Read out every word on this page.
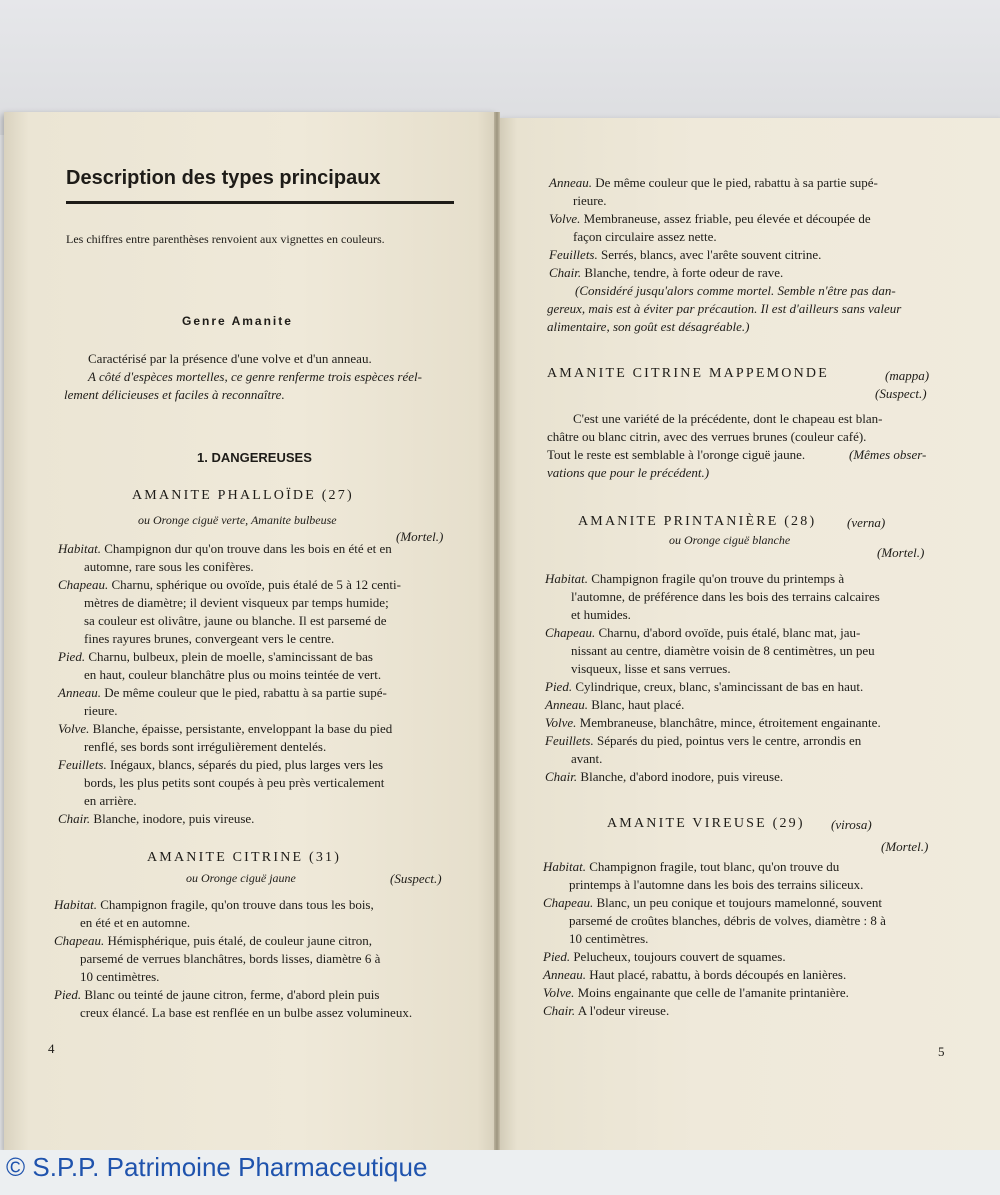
Description des types principaux
Les chiffres entre parenthèses renvoient aux vignettes en couleurs.
Genre Amanite
Caractérisé par la présence d'une volve et d'un anneau.
A côté d'espèces mortelles, ce genre renferme trois espèces réel-
lement délicieuses et faciles à reconnaître.
1. DANGEREUSES
AMANITE PHALLOÏDE (27)
ou Oronge ciguë verte, Amanite bulbeuse
(Mortel.)
Habitat. Champignon dur qu'on trouve dans les bois en été et en
automne, rare sous les conifères.
Chapeau. Charnu, sphérique ou ovoïde, puis étalé de 5 à 12 centi-
mètres de diamètre; il devient visqueux par temps humide;
sa couleur est olivâtre, jaune ou blanche. Il est parsemé de
fines rayures brunes, convergeant vers le centre.
Pied. Charnu, bulbeux, plein de moelle, s'amincissant de bas
en haut, couleur blanchâtre plus ou moins teintée de vert.
Anneau. De même couleur que le pied, rabattu à sa partie supé-
rieure.
Volve. Blanche, épaisse, persistante, enveloppant la base du pied
renflé, ses bords sont irrégulièrement dentelés.
Feuillets. Inégaux, blancs, séparés du pied, plus larges vers les
bords, les plus petits sont coupés à peu près verticalement
en arrière.
Chair. Blanche, inodore, puis vireuse.
AMANITE CITRINE (31)
ou Oronge ciguë jaune	(Suspect.)
Habitat. Champignon fragile, qu'on trouve dans tous les bois,
en été et en automne.
Chapeau. Hémisphérique, puis étalé, de couleur jaune citron,
parsemé de verrues blanchâtres, bords lisses, diamètre 6 à
10 centimètres.
Pied. Blanc ou teinté de jaune citron, ferme, d'abord plein puis
creux élancé. La base est renflée en un bulbe assez volumineux.
4
Anneau. De même couleur que le pied, rabattu à sa partie supé-
rieure.
Volve. Membraneuse, assez friable, peu élevée et découpée de
façon circulaire assez nette.
Feuillets. Serrés, blancs, avec l'arête souvent citrine.
Chair. Blanche, tendre, à forte odeur de rave.
(Considéré jusqu'alors comme mortel. Semble n'être pas dan-
gereux, mais est à éviter par précaution. Il est d'ailleurs sans valeur
alimentaire, son goût est désagréable.)
AMANITE CITRINE MAPPEMONDE	(mappa)
(Suspect.)
C'est une variété de la précédente, dont le chapeau est blan-
châtre ou blanc citrin, avec des verrues brunes (couleur café).
Tout le reste est semblable à l'oronge ciguë jaune.	(Mêmes obser-
vations que pour le précédent.)
AMANITE PRINTANIÈRE (28) (verna)
ou Oronge ciguë blanche
(Mortel.)
Habitat. Champignon fragile qu'on trouve du printemps à
l'automne, de préférence dans les bois des terrains calcaires
et humides.
Chapeau. Charnu, d'abord ovoïde, puis étalé, blanc mat, jau-
nissant au centre, diamètre voisin de 8 centimètres, un peu
visqueux, lisse et sans verrues.
Pied. Cylindrique, creux, blanc, s'amincissant de bas en haut.
Anneau. Blanc, haut placé.
Volve. Membraneuse, blanchâtre, mince, étroitement engainante.
Feuillets. Séparés du pied, pointus vers le centre, arrondis en
avant.
Chair. Blanche, d'abord inodore, puis vireuse.
AMANITE VIREUSE (29) (virosa)
(Mortel.)
Habitat. Champignon fragile, tout blanc, qu'on trouve du
printemps à l'automne dans les bois des terrains siliceux.
Chapeau. Blanc, un peu conique et toujours mamelonné, souvent
parsemé de croûtes blanches, débris de volves, diamètre : 8 à
10 centimètres.
Pied. Pelucheux, toujours couvert de squames.
Anneau. Haut placé, rabattu, à bords découpés en lanières.
Volve. Moins engainante que celle de l'amanite printanière.
Chair. A l'odeur vireuse.
5
© S.P.P. Patrimoine Pharmaceutique
